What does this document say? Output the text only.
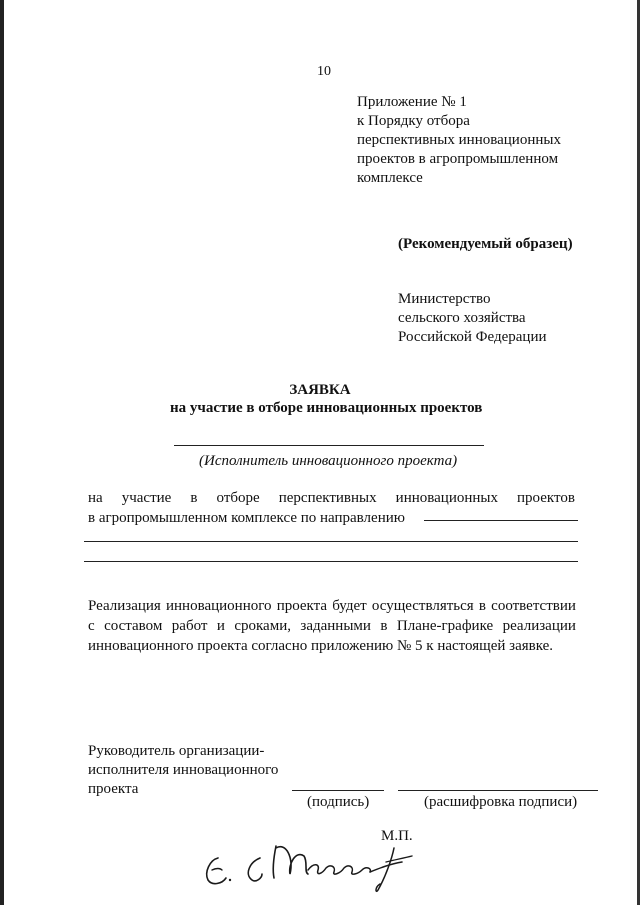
10
Приложение № 1
к Порядку отбора
перспективных инновационных
проектов в агропромышленном
комплексе
(Рекомендуемый образец)
Министерство
сельского хозяйства
Российской Федерации
ЗАЯВКА
на участие в отборе инновационных проектов
(Исполнитель инновационного проекта)
на участие в отборе перспективных инновационных проектов
в агропромышленном комплексе по направлению
Реализация инновационного проекта будет осуществляться в соответствии
с составом работ и сроками, заданными в Плане-графике реализации
инновационного проекта согласно приложению № 5 к настоящей заявке.
Руководитель организации-
исполнителя инновационного
проекта
(подпись)	(расшифровка подписи)
М.П.
